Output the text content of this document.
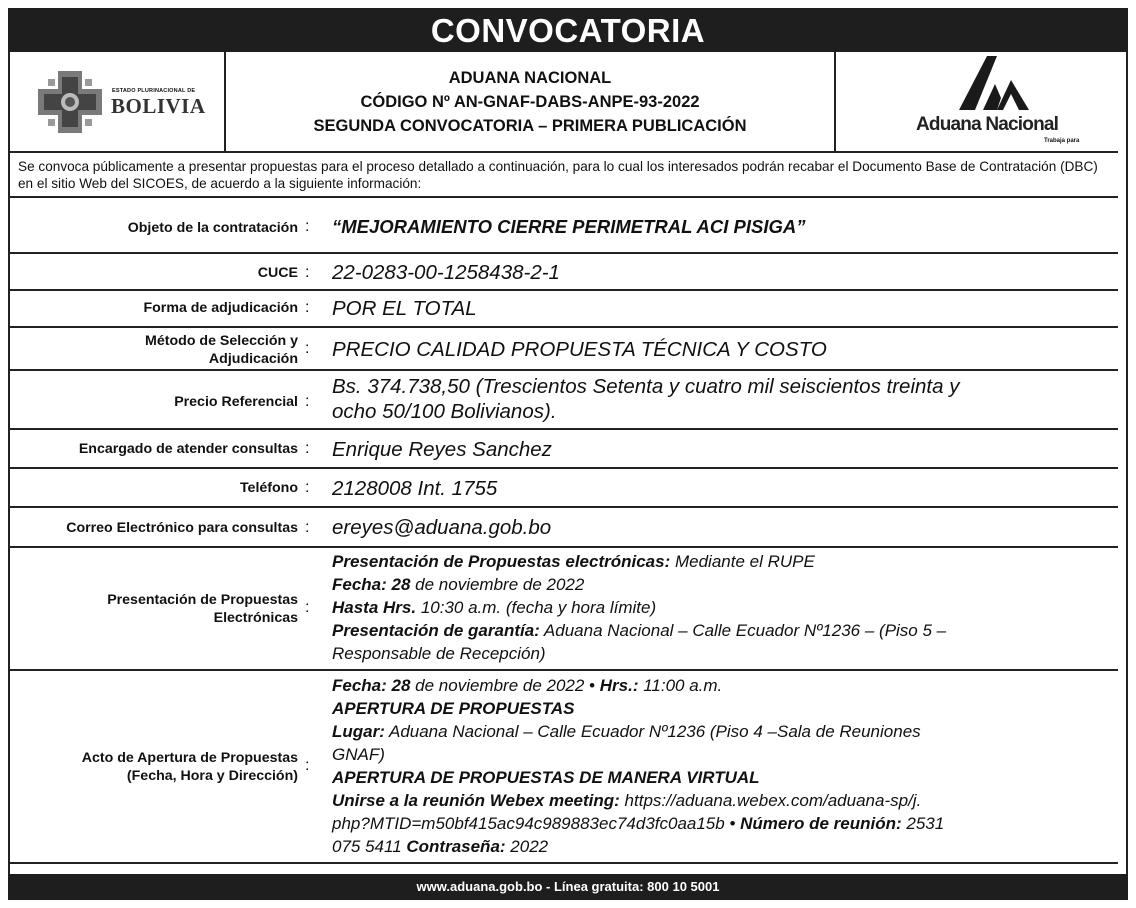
CONVOCATORIA
ESTADO PLURINACIONAL DE
BOLIVIA
ADUANA NACIONAL
CÓDIGO Nº AN-GNAF-DABS-ANPE-93-2022
SEGUNDA CONVOCATORIA – PRIMERA PUBLICACIÓN	Aduana Nacional
Trabaja para
Se convoca públicamente a presentar propuestas para el proceso detallado a continuación, para lo cual los interesados podrán recabar el Documento Base de Contratación (DBC) en el sitio Web del SICOES, de acuerdo a la siguiente información:
Objeto de la contratación : “MEJORAMIENTO CIERRE PERIMETRAL ACI PISIGA”
CUCE : 22-0283-00-1258438-2-1
Forma de adjudicación : POR EL TOTAL
Método de Selección y
Adjudicación
: PRECIO CALIDAD PROPUESTA TÉCNICA Y COSTO
Precio Referencial :
Bs. 374.738,50 (Trescientos Setenta y cuatro mil seiscientos treinta y
ocho 50/100 Bolivianos).
Encargado de atender consultas : Enrique Reyes Sanchez
Teléfono : 2128008 Int. 1755
Correo Electrónico para consultas : ereyes@aduana.gob.bo
Presentación de Propuestas
Electrónicas
:
Presentación de Propuestas electrónicas: Mediante el RUPE
Fecha: 28 de noviembre de 2022
Hasta Hrs. 10:30 a.m. (fecha y hora límite)
Presentación de garantía: Aduana Nacional – Calle Ecuador Nº1236 – (Piso 5 –
Responsable de Recepción)
Acto de Apertura de Propuestas
(Fecha, Hora y Dirección)
:
Fecha: 28 de noviembre de 2022 • Hrs.: 11:00 a.m.
APERTURA DE PROPUESTAS
Lugar: Aduana Nacional – Calle Ecuador Nº1236 (Piso 4 –Sala de Reuniones
GNAF)
APERTURA DE PROPUESTAS DE MANERA VIRTUAL
Unirse a la reunión Webex meeting: https://aduana.webex.com/aduana-sp/j.
php?MTID=m50bf415ac94c989883ec74d3fc0aa15b • Número de reunión: 2531
075 5411 Contraseña: 2022
www.aduana.gob.bo - Línea gratuita: 800 10 5001
